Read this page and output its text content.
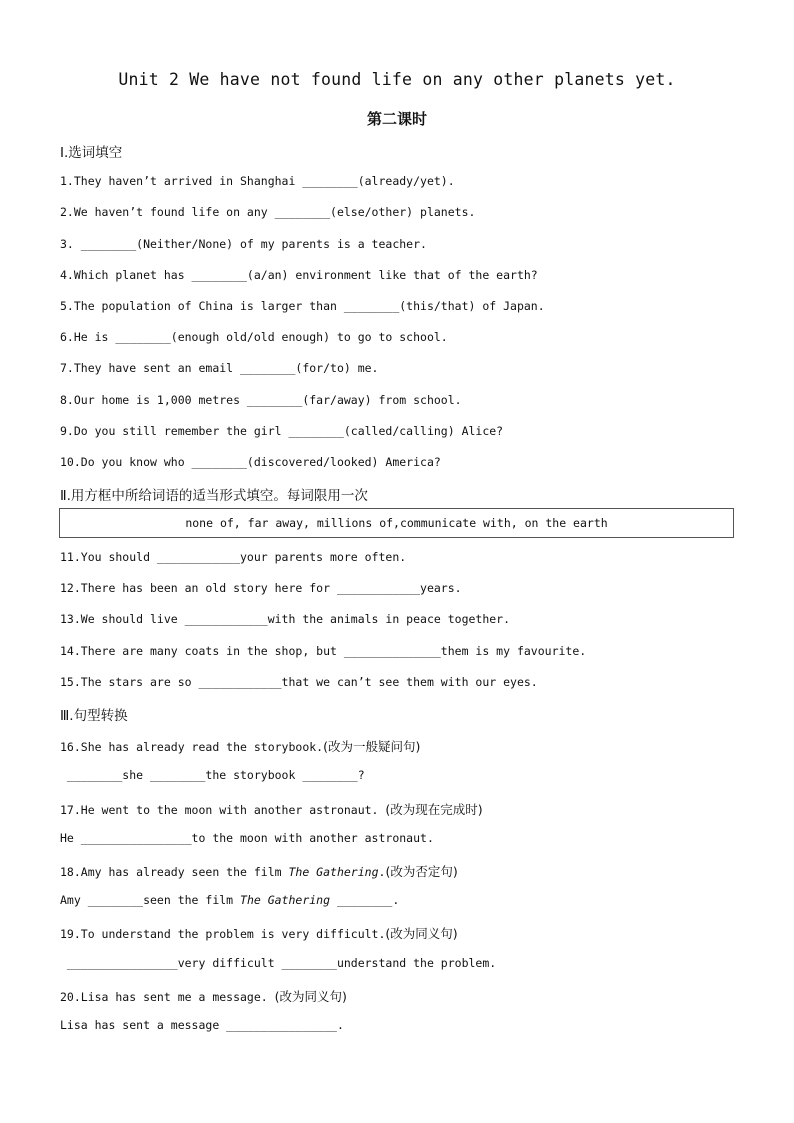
Unit 2 We have not found life on any other planets yet.
第二课时
Ⅰ.选词填空
1.They haven’t arrived in Shanghai ________(already/yet).
2.We haven’t found life on any ________(else/other) planets.
3. ________(Neither/None) of my parents is a teacher.
4.Which planet has ________(a/an) environment like that of the earth?
5.The population of China is larger than ________(this/that) of Japan.
6.He is ________(enough old/old enough) to go to school.
7.They have sent an email ________(for/to) me.
8.Our home is 1,000 metres ________(far/away) from school.
9.Do you still remember the girl ________(called/calling) Alice?
10.Do you know who ________(discovered/looked) America?
Ⅱ.用方框中所给词语的适当形式填空。每词限用一次
none of, far away, millions of,communicate with, on the earth
11.You should ____________your parents more often.
12.There has been an old story here for ____________years.
13.We should live ____________with the animals in peace together.
14.There are many coats in the shop, but ______________them is my favourite.
15.The stars are so ____________that we can’t see them with our eyes.
Ⅲ.句型转换
16.She has already read the storybook.(改为一般疑问句)
________she ________the storybook ________?
17.He went to the moon with another astronaut. (改为现在完成时)
He ________________to the moon with another astronaut.
18.Amy has already seen the film The Gathering.(改为否定句)
Amy ________seen the film The Gathering ________.
19.To understand the problem is very difficult.(改为同义句)
________________very difficult ________understand the problem.
20.Lisa has sent me a message. (改为同义句)
Lisa has sent a message ________________.
